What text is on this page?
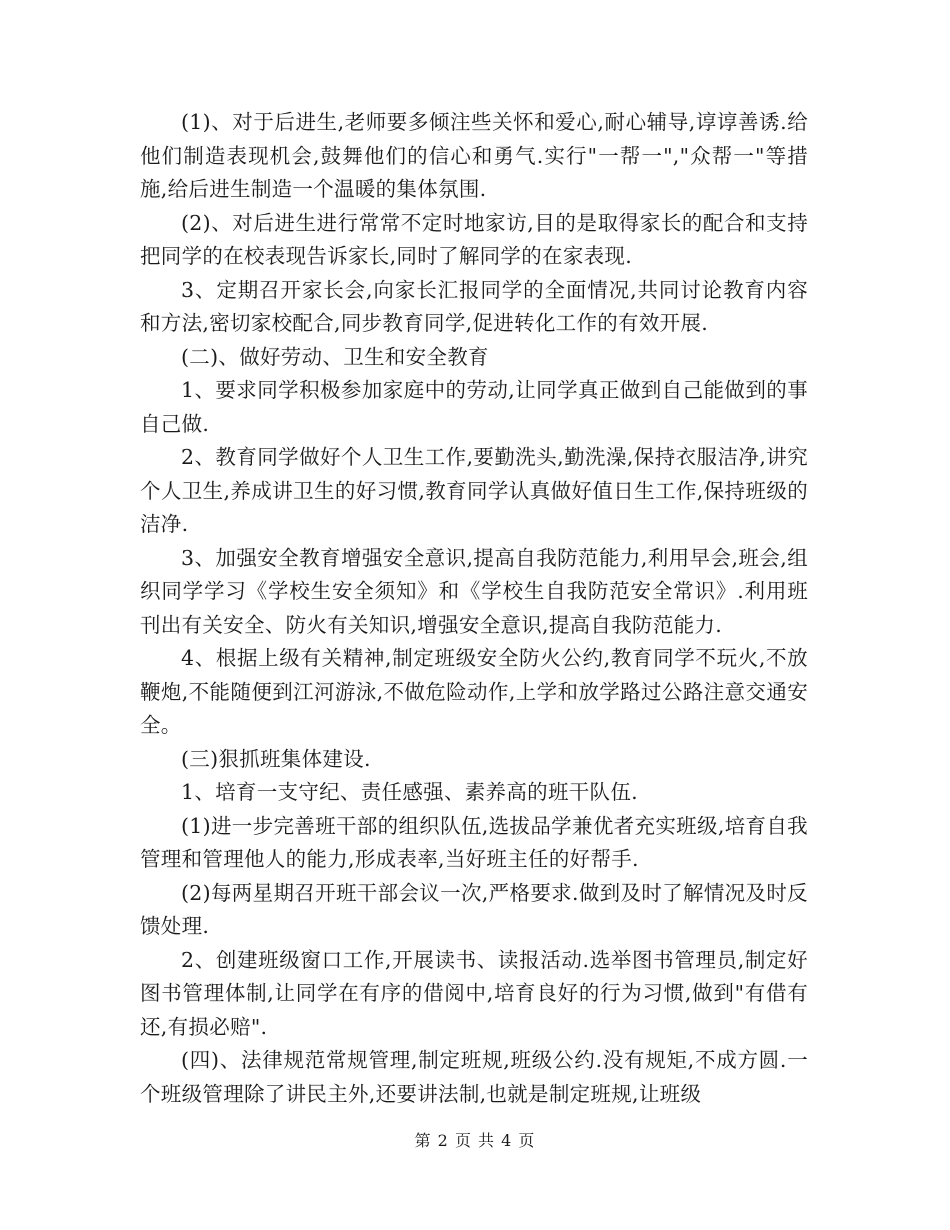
(1)、对于后进生,老师要多倾注些关怀和爱心,耐心辅导,谆谆善诱.给他们制造表现机会,鼓舞他们的信心和勇气.实行"一帮一","众帮一"等措施,给后进生制造一个温暖的集体氛围.

(2)、对后进生进行常常不定时地家访,目的是取得家长的配合和支持把同学的在校表现告诉家长,同时了解同学的在家表现.

3、定期召开家长会,向家长汇报同学的全面情况,共同讨论教育内容和方法,密切家校配合,同步教育同学,促进转化工作的有效开展.

(二)、做好劳动、卫生和安全教育

1、要求同学积极参加家庭中的劳动,让同学真正做到自己能做到的事自己做.

2、教育同学做好个人卫生工作,要勤洗头,勤洗澡,保持衣服洁净,讲究个人卫生,养成讲卫生的好习惯,教育同学认真做好值日生工作,保持班级的洁净.

3、加强安全教育增强安全意识,提高自我防范能力,利用早会,班会,组织同学学习《学校生安全须知》和《学校生自我防范安全常识》.利用班刊出有关安全、防火有关知识,增强安全意识,提高自我防范能力.

4、根据上级有关精神,制定班级安全防火公约,教育同学不玩火,不放鞭炮,不能随便到江河游泳,不做危险动作,上学和放学路过公路注意交通安全。

(三)狠抓班集体建设.

1、培育一支守纪、责任感强、素养高的班干队伍.

(1)进一步完善班干部的组织队伍,选拔品学兼优者充实班级,培育自我管理和管理他人的能力,形成表率,当好班主任的好帮手.

(2)每两星期召开班干部会议一次,严格要求.做到及时了解情况及时反馈处理.

2、创建班级窗口工作,开展读书、读报活动.选举图书管理员,制定好图书管理体制,让同学在有序的借阅中,培育良好的行为习惯,做到"有借有还,有损必赔".

(四)、法律规范常规管理,制定班规,班级公约.没有规矩,不成方圆.一个班级管理除了讲民主外,还要讲法制,也就是制定班规,让班级

第 2 页 共 4 页
